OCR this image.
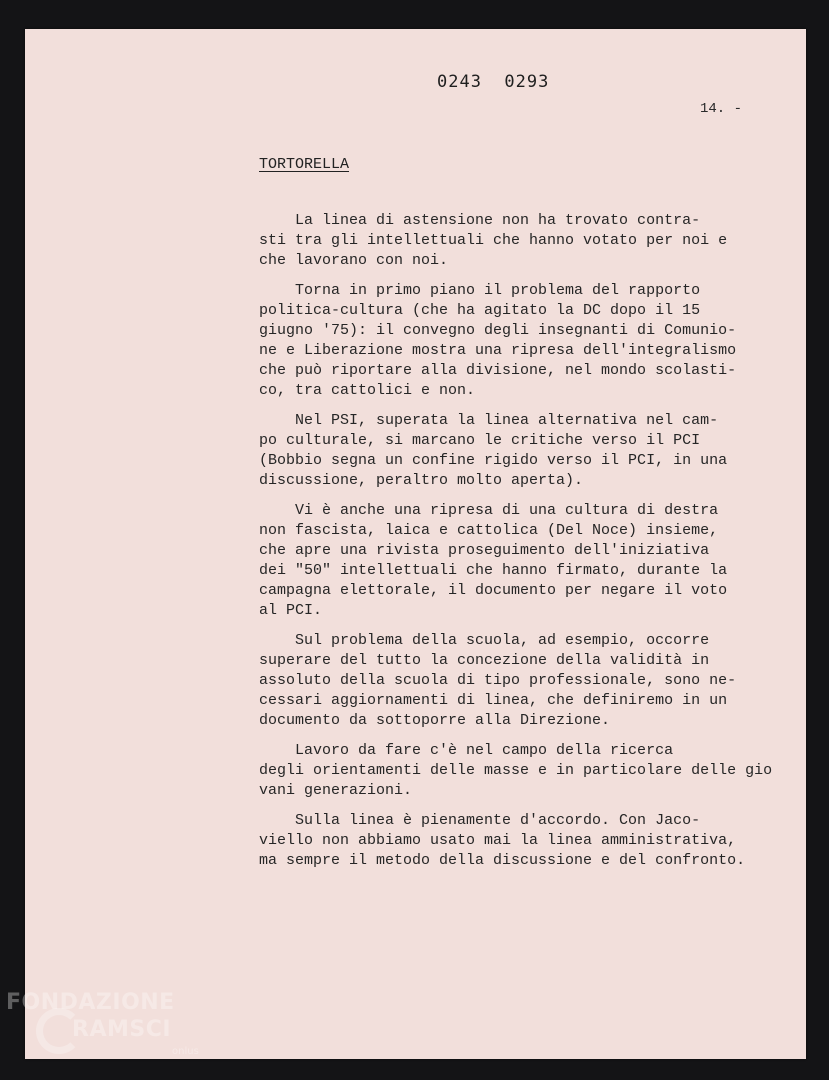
0243  0293
14. -
TORTORELLA

La linea di astensione non ha trovato contra-
sti tra gli intellettuali che hanno votato per noi e
che lavorano con noi.

Torna in primo piano il problema del rapporto
politica-cultura (che ha agitato la DC dopo il 15
giugno '75): il convegno degli insegnanti di Comunio-
ne e Liberazione mostra una ripresa dell'integralismo
che può riportare alla divisione, nel mondo scolasti-
co, tra cattolici e non.

Nel PSI, superata la linea alternativa nel cam-
po culturale, si marcano le critiche verso il PCI
(Bobbio segna un confine rigido verso il PCI, in una
discussione, peraltro molto aperta).

Vi è anche una ripresa di una cultura di destra
non fascista, laica e cattolica (Del Noce) insieme,
che apre una rivista proseguimento dell'iniziativa
dei "50" intellettuali che hanno firmato, durante la
campagna elettorale, il documento per negare il voto
al PCI.

Sul problema della scuola, ad esempio, occorre
superare del tutto la concezione della validità in
assoluto della scuola di tipo professionale, sono ne-
cessari aggiornamenti di linea, che definiremo in un
documento da sottoporre alla Direzione.

Lavoro da fare c'è nel campo della ricerca
degli orientamenti delle masse e in particolare delle gio
vani generazioni.

Sulla linea è pienamente d'accordo. Con Jaco-
viello non abbiamo usato mai la linea amministrativa,
ma sempre il metodo della discussione e del confronto.

FONDAZIONE
RAMSCI
onlus
